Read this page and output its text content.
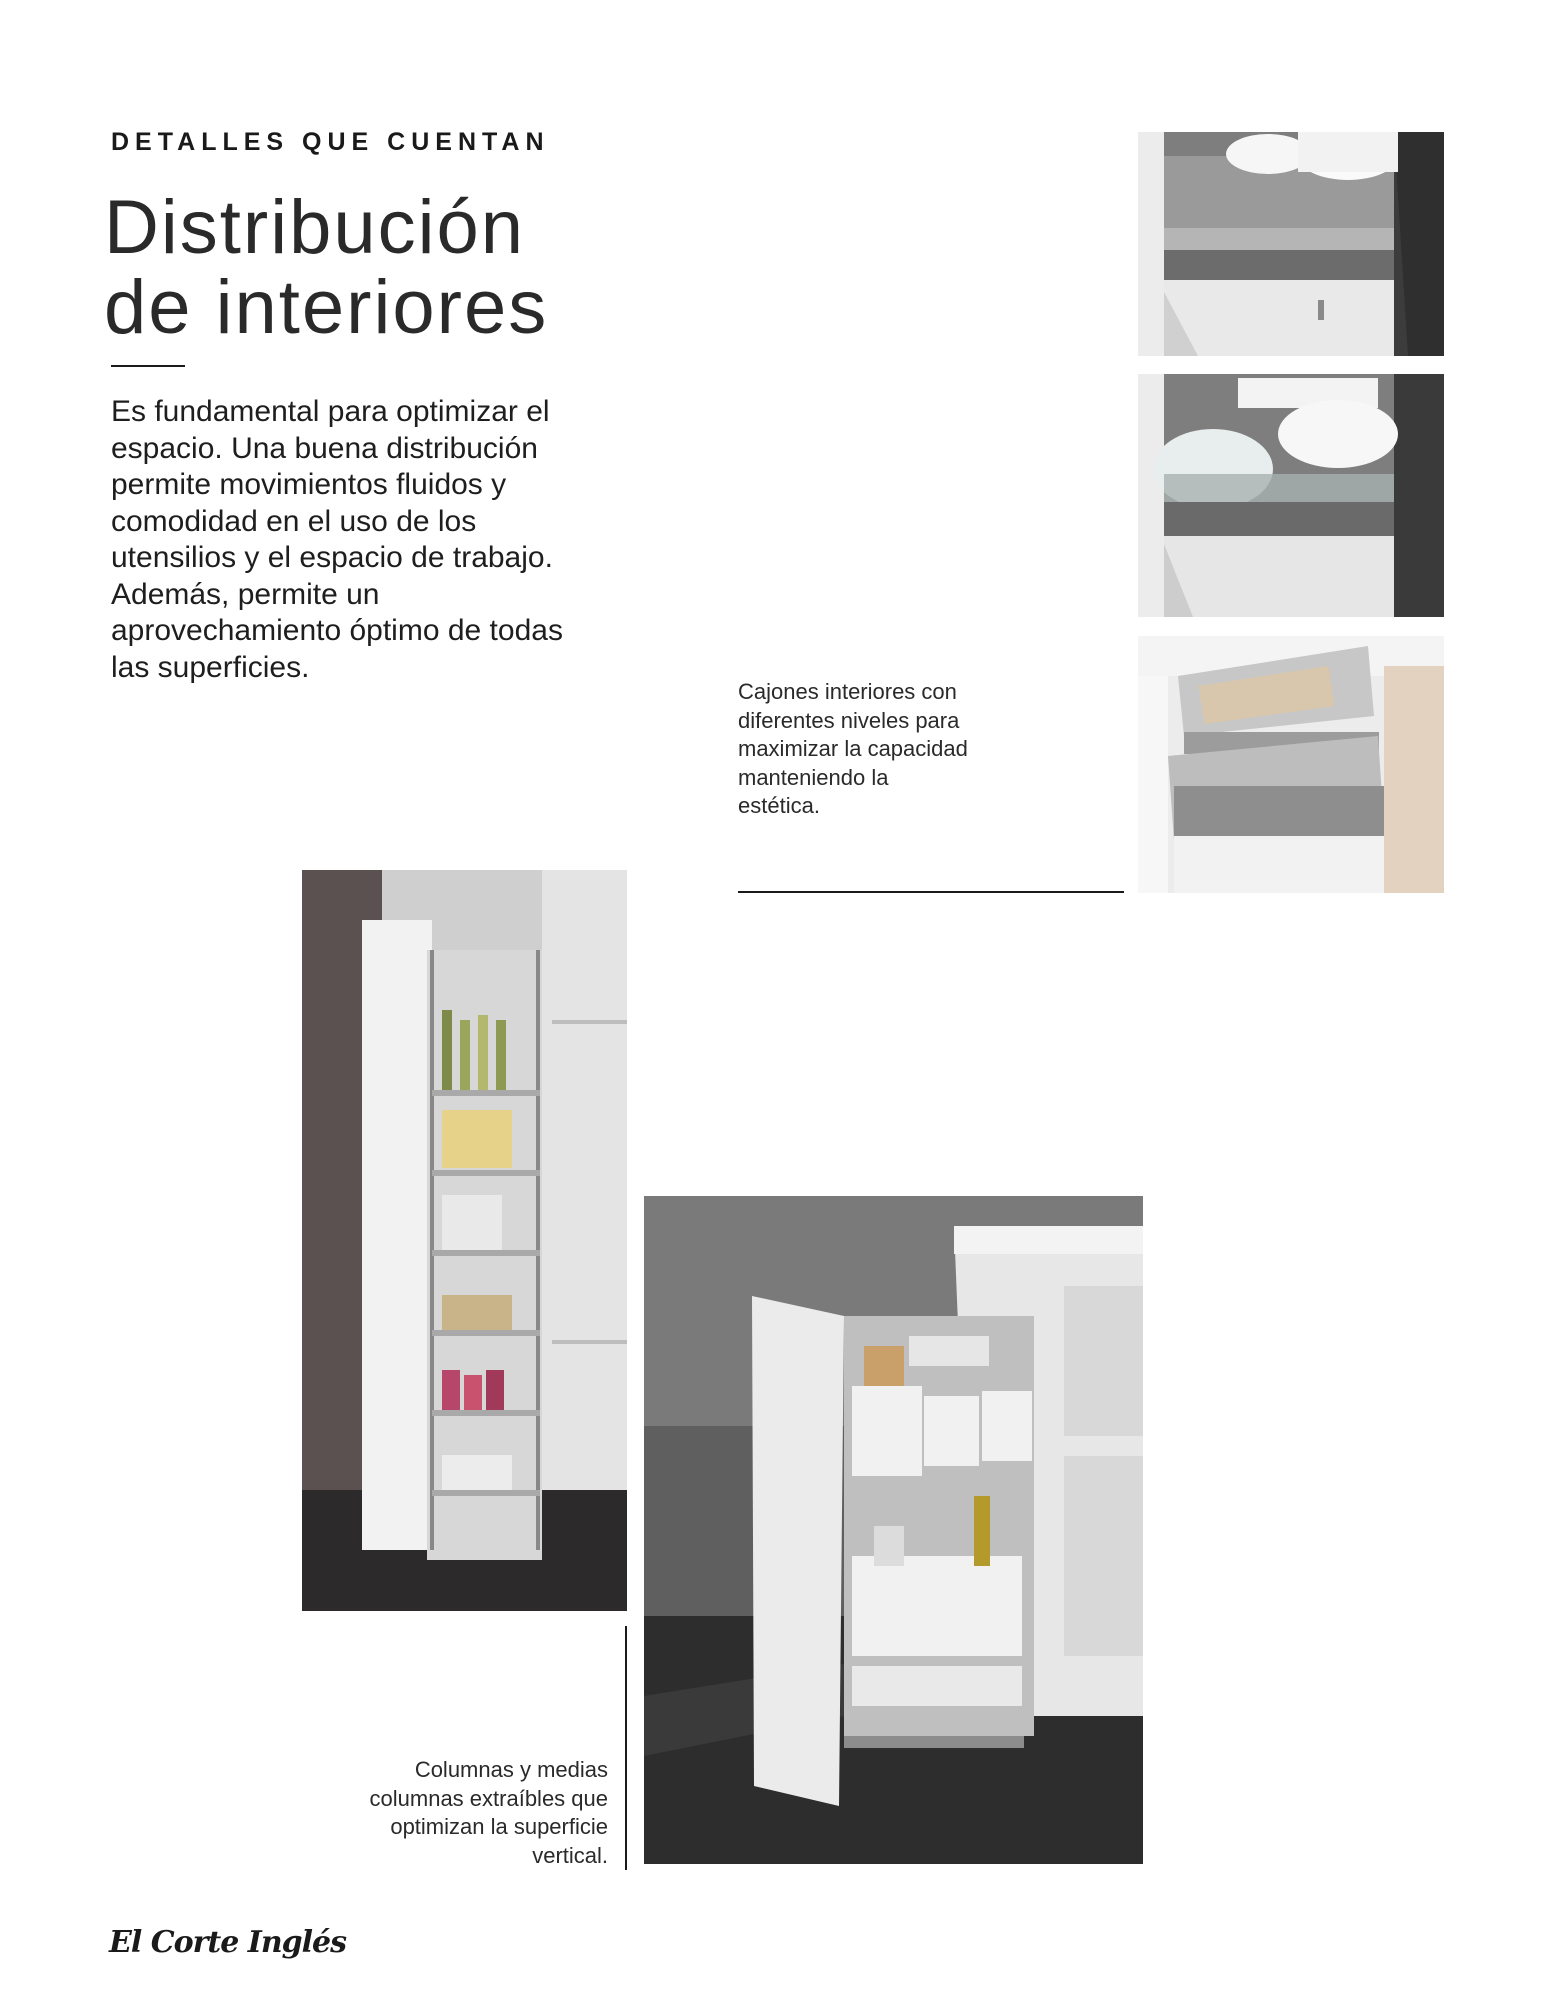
DETALLES QUE CUENTAN
Distribución
de interiores

Es fundamental para optimizar el espacio. Una buena distribución permite movimientos fluidos y comodidad en el uso de los utensilios y el espacio de trabajo. Además, permite un aprovechamiento óptimo de todas las superficies.

Cajones interiores con diferentes niveles para maximizar la capacidad manteniendo la estética.
Columnas y medias columnas extraíbles que optimizan la superficie vertical.
El Corte Inglés
